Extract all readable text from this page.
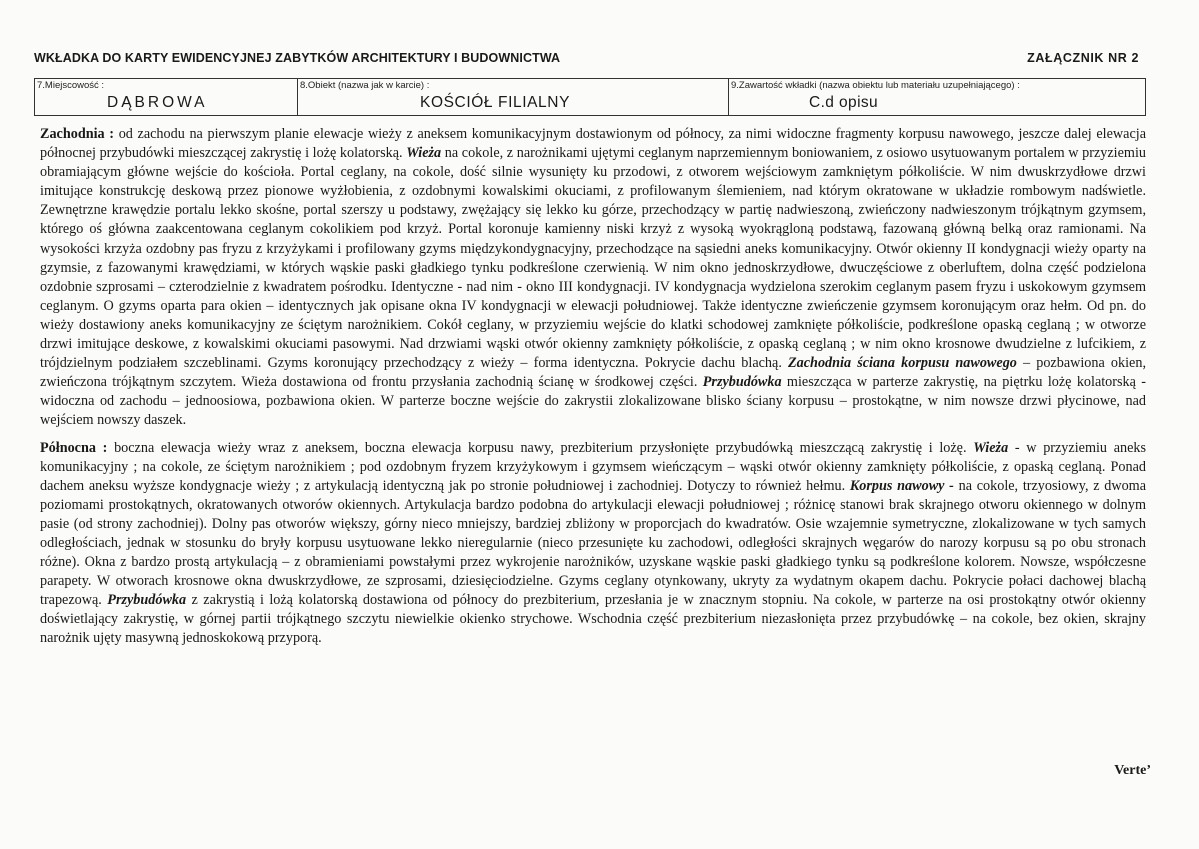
WKŁADKA DO KARTY EWIDENCYJNEJ ZABYTKÓW ARCHITEKTURY I BUDOWNICTWA	ZAŁĄCZNIK NR 2
7.Miejscowość :
DĄBROWA
8.Obiekt (nazwa jak w karcie) :
KOŚCIÓŁ FILIALNY
9.Zawartość wkładki (nazwa obiektu lub materiału uzupełniającego) :
C.d opisu

Zachodnia : od zachodu na pierwszym planie elewacje wieży z aneksem komunikacyjnym dostawionym od północy, za nimi widoczne fragmenty korpusu nawowego, jeszcze dalej elewacja północnej przybudówki mieszczącej zakrystię i lożę kolatorską. Wieża na cokole, z narożnikami ujętymi ceglanym naprzemiennym boniowaniem, z osiowo usytuowanym portalem w przyziemiu obramiającym główne wejście do kościoła. Portal ceglany, na cokole, dość silnie wysunięty ku przodowi, z otworem wejściowym zamkniętym półkoliście. W nim dwuskrzydłowe drzwi imitujące konstrukcję deskową przez pionowe wyżłobienia, z ozdobnymi kowalskimi okuciami, z profilowanym ślemieniem, nad którym okratowane w układzie rombowym nadświetle. Zewnętrzne krawędzie portalu lekko skośne, portal szerszy u podstawy, zwężający się lekko ku górze, przechodzący w partię nadwieszoną, zwieńczony nadwieszonym trójkątnym gzymsem, którego oś główna zaakcentowana ceglanym cokolikiem pod krzyż. Portal koronuje kamienny niski krzyż z wysoką wyokrągloną podstawą, fazowaną główną belką oraz ramionami. Na wysokości krzyża ozdobny pas fryzu z krzyżykami i profilowany gzyms międzykondygnacyjny, przechodzące na sąsiedni aneks komunikacyjny. Otwór okienny II kondygnacji wieży oparty na gzymsie, z fazowanymi krawędziami, w których wąskie paski gładkiego tynku podkreślone czerwienią. W nim okno jednoskrzydłowe, dwuczęściowe z oberluftem, dolna część podzielona ozdobnie szprosami – czterodzielnie z kwadratem pośrodku. Identyczne - nad nim - okno III kondygnacji. IV kondygnacja wydzielona szerokim ceglanym pasem fryzu i uskokowym gzymsem ceglanym. O gzyms oparta para okien – identycznych jak opisane okna IV kondygnacji w elewacji południowej. Także identyczne zwieńczenie gzymsem koronującym oraz hełm. Od pn. do wieży dostawiony aneks komunikacyjny ze ściętym narożnikiem. Cokół ceglany, w przyziemiu wejście do klatki schodowej zamknięte półkoliście, podkreślone opaską ceglaną ; w otworze drzwi imitujące deskowe, z kowalskimi okuciami pasowymi. Nad drzwiami wąski otwór okienny zamknięty półkoliście, z opaską ceglaną ; w nim okno krosnowe dwudzielne z lufcikiem, z trójdzielnym podziałem szczeblinami. Gzyms koronujący przechodzący z wieży – forma identyczna. Pokrycie dachu blachą. Zachodnia ściana korpusu nawowego – pozbawiona okien, zwieńczona trójkątnym szczytem. Wieża dostawiona od frontu przysłania zachodnią ścianę w środkowej części. Przybudówka mieszcząca w parterze zakrystię, na piętrku lożę kolatorską - widoczna od zachodu – jednoosiowa, pozbawiona okien. W parterze boczne wejście do zakrystii zlokalizowane blisko ściany korpusu – prostokątne, w nim nowsze drzwi płycinowe, nad wejściem nowszy daszek.

Północna : boczna elewacja wieży wraz z aneksem, boczna elewacja korpusu nawy, prezbiterium przysłonięte przybudówką mieszczącą zakrystię i lożę. Wieża - w przyziemiu aneks komunikacyjny ; na cokole, ze ściętym narożnikiem ; pod ozdobnym fryzem krzyżykowym i gzymsem wieńczącym – wąski otwór okienny zamknięty półkoliście, z opaską ceglaną. Ponad dachem aneksu wyższe kondygnacje wieży ; z artykulacją identyczną jak po stronie południowej i zachodniej. Dotyczy to również hełmu. Korpus nawowy - na cokole, trzyosiowy, z dwoma poziomami prostokątnych, okratowanych otworów okiennych. Artykulacja bardzo podobna do artykulacji elewacji południowej ; różnicę stanowi brak skrajnego otworu okiennego w dolnym pasie (od strony zachodniej). Dolny pas otworów większy, górny nieco mniejszy, bardziej zbliżony w proporcjach do kwadratów. Osie wzajemnie symetryczne, zlokalizowane w tych samych odległościach, jednak w stosunku do bryły korpusu usytuowane lekko nieregularnie (nieco przesunięte ku zachodowi, odległości skrajnych węgarów do narozy korpusu są po obu stronach różne). Okna z bardzo prostą artykulacją – z obramieniami powstałymi przez wykrojenie narożników, uzyskane wąskie paski gładkiego tynku są podkreślone kolorem. Nowsze, współczesne parapety. W otworach krosnowe okna dwuskrzydłowe, ze szprosami, dziesięciodzielne. Gzyms ceglany otynkowany, ukryty za wydatnym okapem dachu. Pokrycie połaci dachowej blachą trapezową. Przybudówka z zakrystią i lożą kolatorską dostawiona od północy do prezbiterium, przesłania je w znacznym stopniu. Na cokole, w parterze na osi prostokątny otwór okienny doświetlający zakrystię, w górnej partii trójkątnego szczytu niewielkie okienko strychowe. Wschodnia część prezbiterium niezasłonięta przez przybudówkę – na cokole, bez okien, skrajny narożnik ujęty masywną jednoskokową przyporą.

Verte’
